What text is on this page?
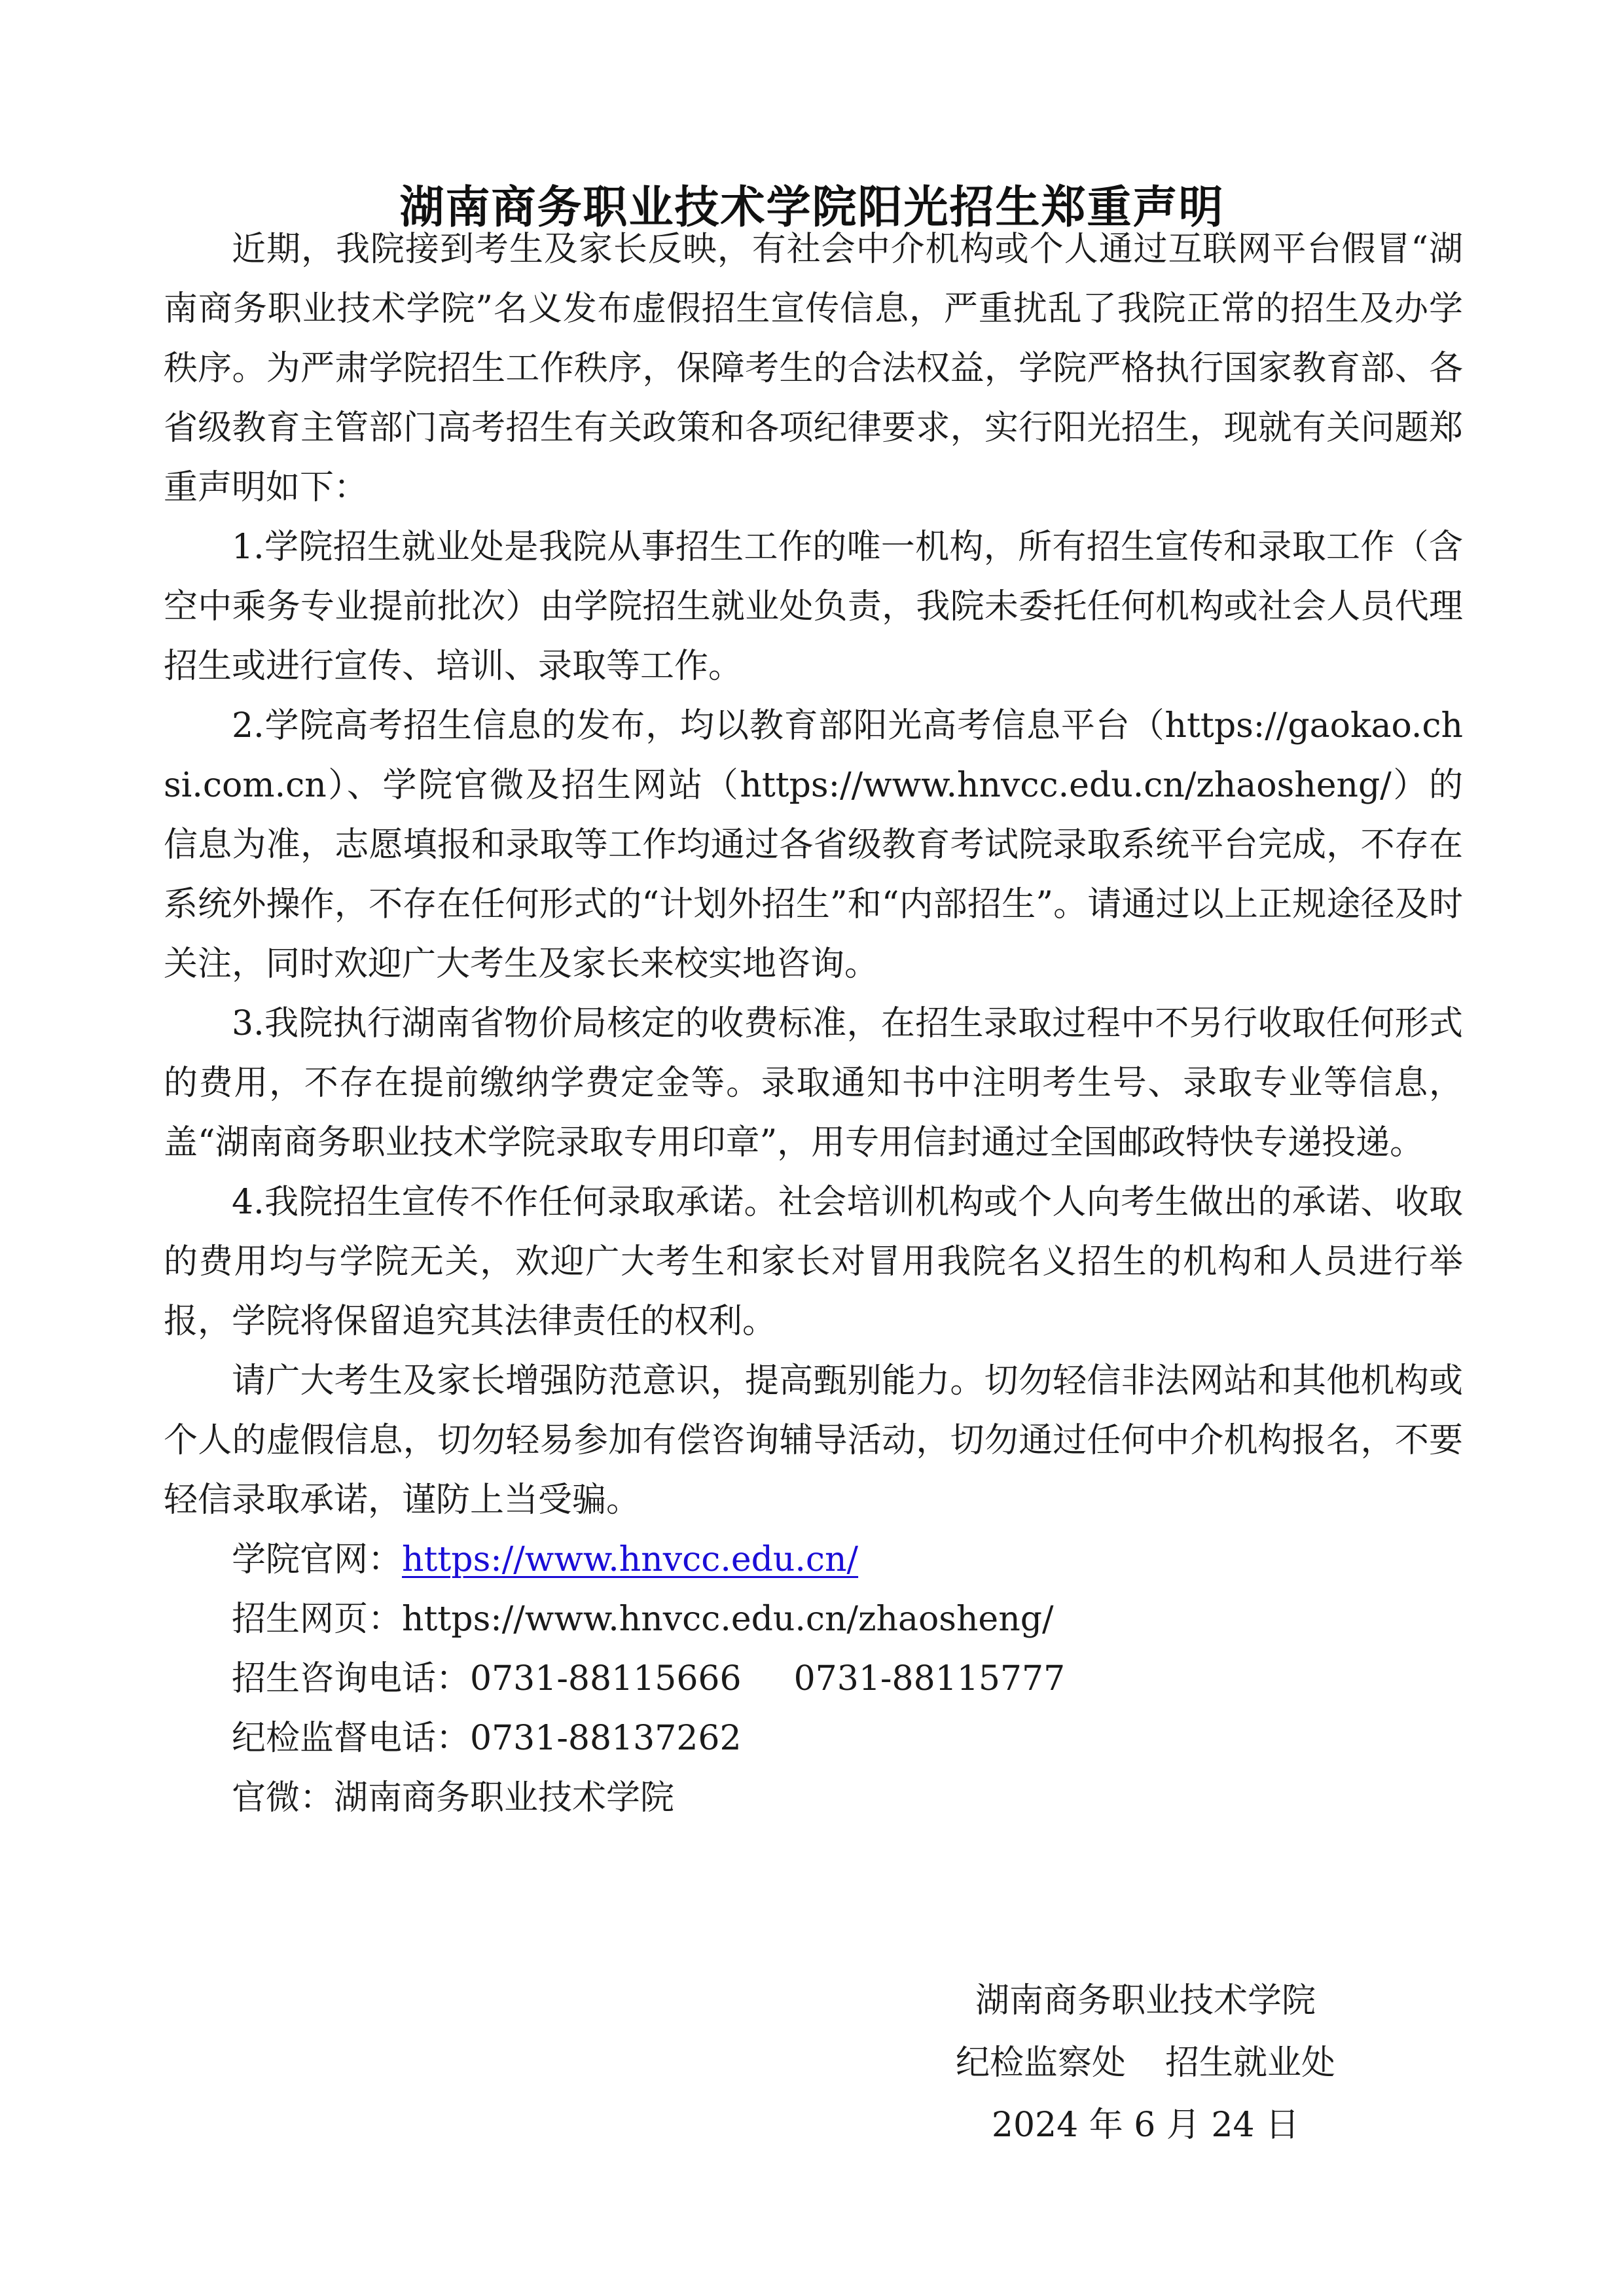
湖南商务职业技术学院阳光招生郑重声明

近期，我院接到考生及家长反映，有社会中介机构或个人通过互联网平台假冒“湖南商务职业技术学院”名义发布虚假招生宣传信息，严重扰乱了我院正常的招生及办学秩序。为严肃学院招生工作秩序，保障考生的合法权益，学院严格执行国家教育部、各省级教育主管部门高考招生有关政策和各项纪律要求，实行阳光招生，现就有关问题郑重声明如下：

1.学院招生就业处是我院从事招生工作的唯一机构，所有招生宣传和录取工作（含空中乘务专业提前批次）由学院招生就业处负责，我院未委托任何机构或社会人员代理招生或进行宣传、培训、录取等工作。

2.学院高考招生信息的发布，均以教育部阳光高考信息平台（https://gaokao.chsi.com.cn）、学院官微及招生网站（https://www.hnvcc.edu.cn/zhaosheng/）的信息为准，志愿填报和录取等工作均通过各省级教育考试院录取系统平台完成，不存在系统外操作，不存在任何形式的“计划外招生”和“内部招生”。请通过以上正规途径及时关注，同时欢迎广大考生及家长来校实地咨询。

3.我院执行湖南省物价局核定的收费标准，在招生录取过程中不另行收取任何形式的费用，不存在提前缴纳学费定金等。录取通知书中注明考生号、录取专业等信息，盖“湖南商务职业技术学院录取专用印章”，用专用信封通过全国邮政特快专递投递。

4.我院招生宣传不作任何录取承诺。社会培训机构或个人向考生做出的承诺、收取的费用均与学院无关，欢迎广大考生和家长对冒用我院名义招生的机构和人员进行举报，学院将保留追究其法律责任的权利。

请广大考生及家长增强防范意识，提高甄别能力。切勿轻信非法网站和其他机构或个人的虚假信息，切勿轻易参加有偿咨询辅导活动，切勿通过任何中介机构报名，不要轻信录取承诺，谨防上当受骗。

学院官网：https://www.hnvcc.edu.cn/

招生网页：https://www.hnvcc.edu.cn/zhaosheng/

招生咨询电话：0731-88115666 0731-88115777

纪检监督电话：0731-88137262

官微：湖南商务职业技术学院

湖南商务职业技术学院
纪检监察处 招生就业处
2024 年 6 月 24 日
